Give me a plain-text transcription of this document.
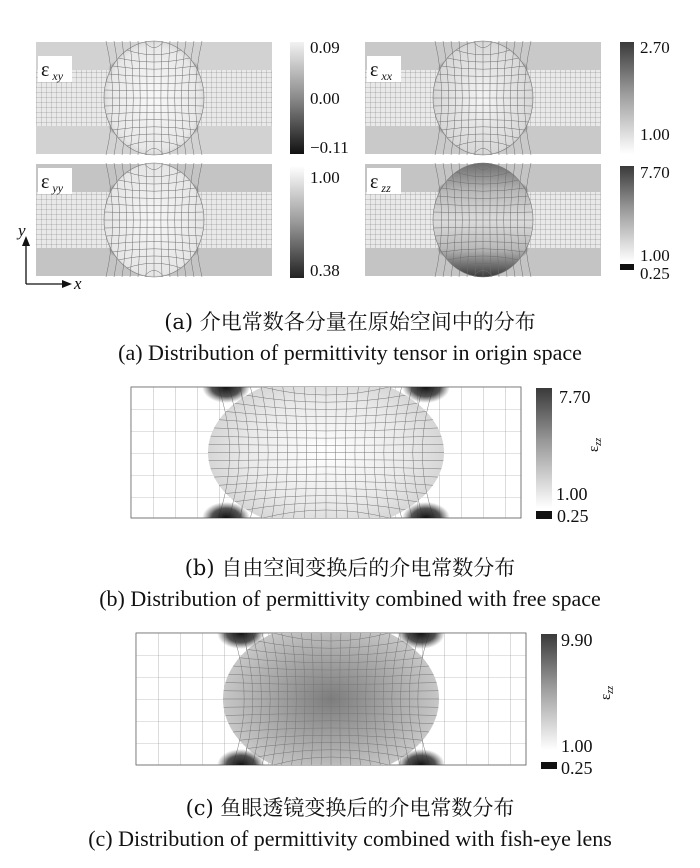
ε $_{xy}$	ε $_{xx}$
ε $_{yy}$	ε $_{zz}$
0.09
0.00
−0.11
2.70
1.00
1.00
0.38
7.70
1.00
0.25
y
x
7.70
1.00
0.25
$\varepsilon_{zz}$
9.90
1.00
0.25
$\varepsilon_{zz}$
(a) 介电常数各分量在原始空间中的分布
(a) Distribution of permittivity tensor in origin space
(b) 自由空间变换后的介电常数分布
(b) Distribution of permittivity combined with free space
(c) 鱼眼透镜变换后的介电常数分布
(c) Distribution of permittivity combined with fish-eye lens
